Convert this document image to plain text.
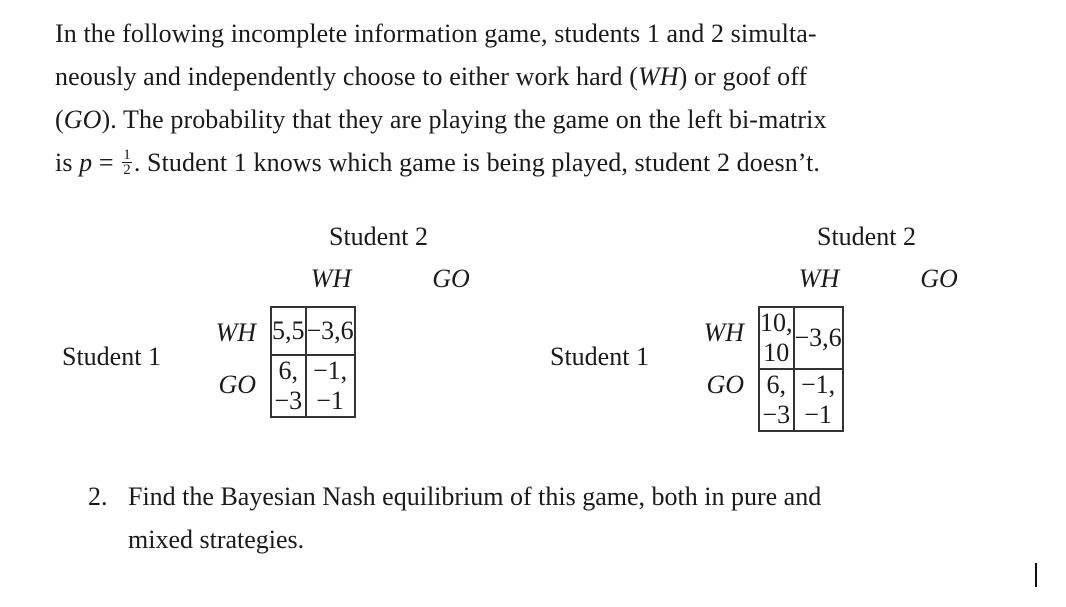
In the following incomplete information game, students 1 and 2 simulta-
neously and independently choose to either work hard (WH) or goof off
(GO). The probability that they are playing the game on the left bi-matrix
is $p = \frac{1}{2}$ . Student 1 knows which game is being played, student 2 doesn’t.
Student 2
WH	GO
Student 1
WH
GO
5,5	−3,6
6, −3	−1, −1
Student 2
WH	GO
Student 1
WH
GO
10, 10	−3,6
6, −3	−1, −1
2. Find the Bayesian Nash equilibrium of this game, both in pure and
mixed strategies.
